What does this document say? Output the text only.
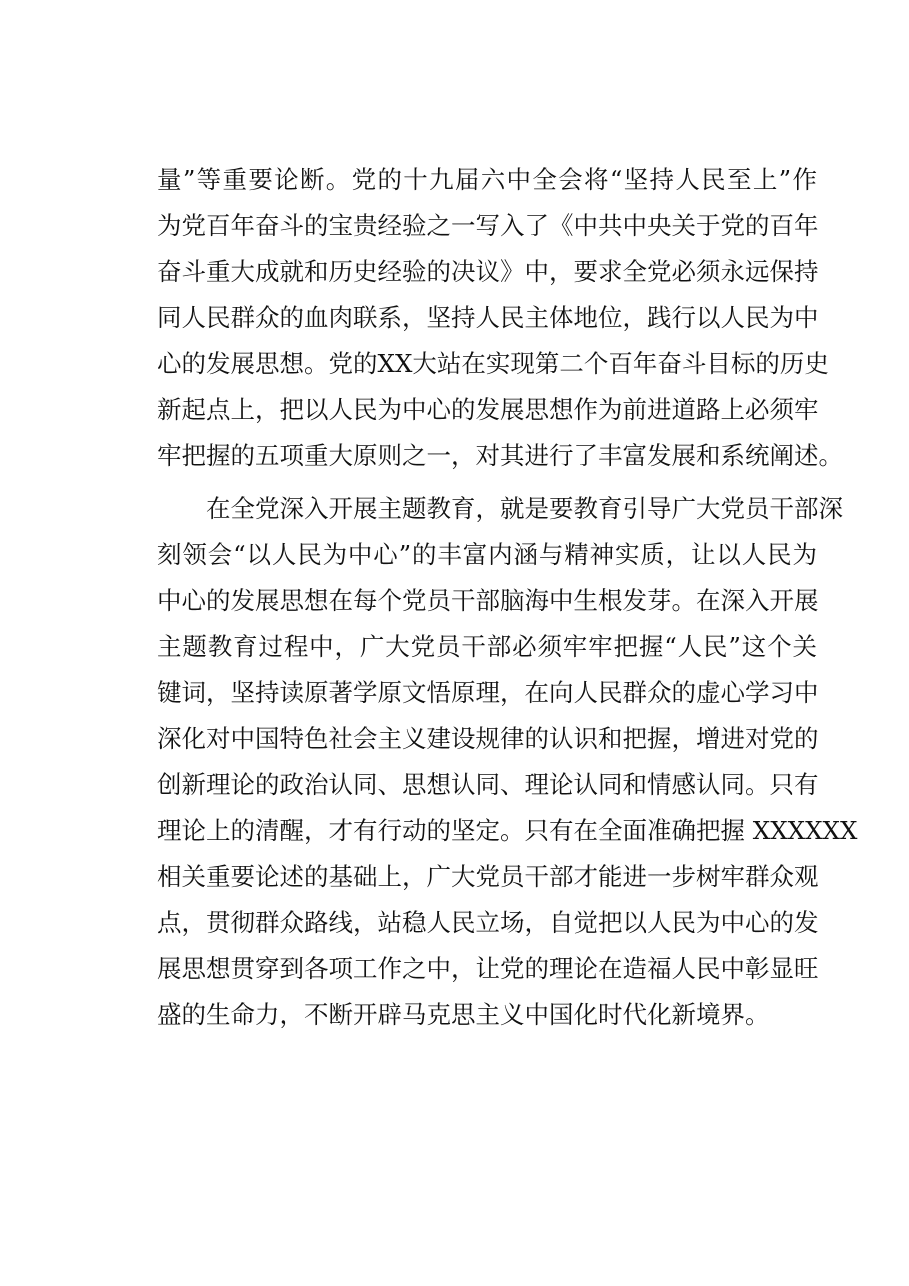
量”等重要论断。党的十九届六中全会将“坚持人民至上”作
为党百年奋斗的宝贵经验之一写入了《中共中央关于党的百年
奋斗重大成就和历史经验的决议》中，要求全党必须永远保持
同人民群众的血肉联系，坚持人民主体地位，践行以人民为中
心的发展思想。党的XX大站在实现第二个百年奋斗目标的历史
新起点上，把以人民为中心的发展思想作为前进道路上必须牢
牢把握的五项重大原则之一，对其进行了丰富发展和系统阐述。
　　在全党深入开展主题教育，就是要教育引导广大党员干部深
刻领会“以人民为中心”的丰富内涵与精神实质，让以人民为
中心的发展思想在每个党员干部脑海中生根发芽。在深入开展
主题教育过程中，广大党员干部必须牢牢把握“人民”这个关
键词，坚持读原著学原文悟原理，在向人民群众的虚心学习中
深化对中国特色社会主义建设规律的认识和把握，增进对党的
创新理论的政治认同、思想认同、理论认同和情感认同。只有
理论上的清醒，才有行动的坚定。只有在全面准确把握 XXXXXX
相关重要论述的基础上，广大党员干部才能进一步树牢群众观
点，贯彻群众路线，站稳人民立场，自觉把以人民为中心的发
展思想贯穿到各项工作之中，让党的理论在造福人民中彰显旺
盛的生命力，不断开辟马克思主义中国化时代化新境界。
